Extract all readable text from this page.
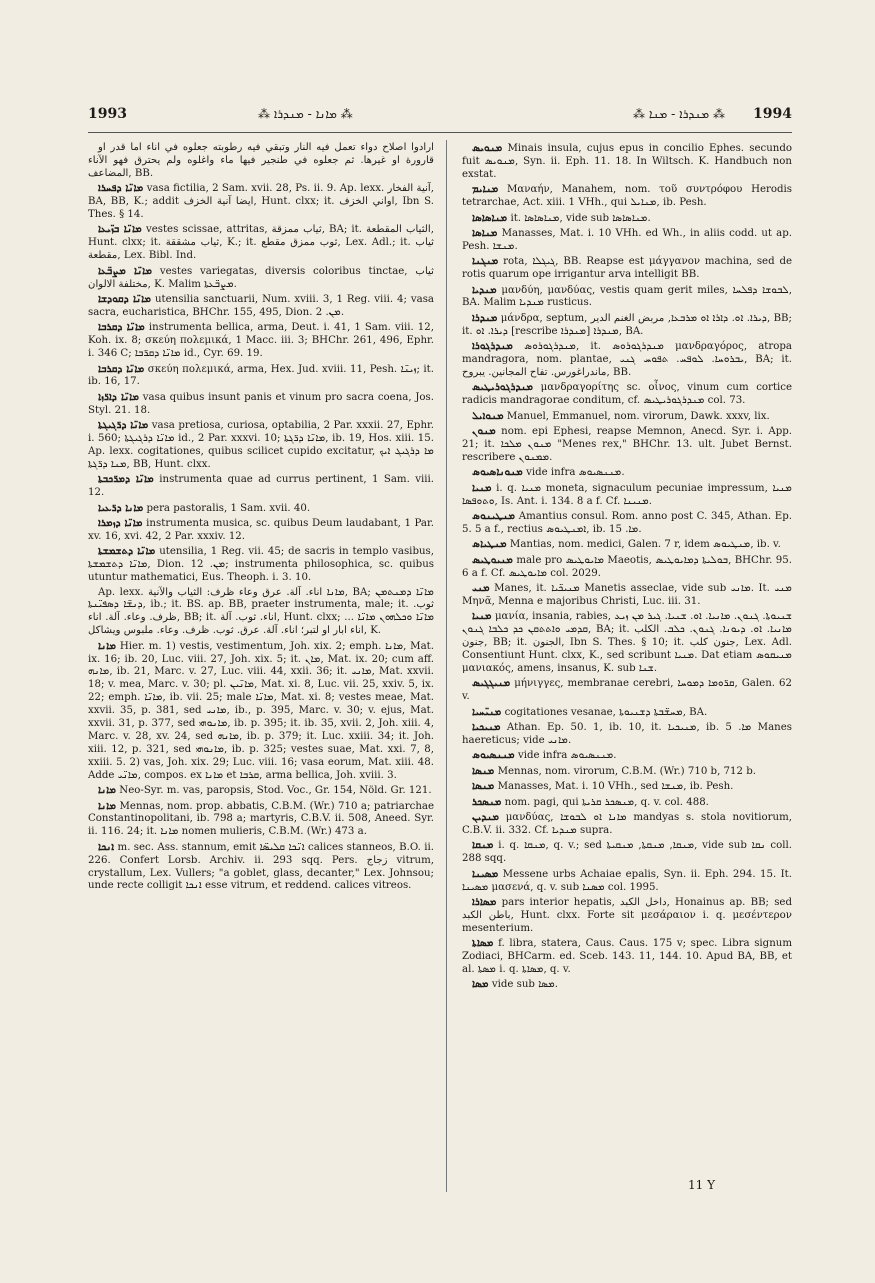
1993	⁂ ܡܐܢܐ - ܡܢܕܪܐ ⁂	⁂ ܡܢܕܪܐ - ܡܢܐ ⁂ 1994

ارادوا اصلاح دواء تعمل فيه النار وتبقي فيه رطوبته جعلوه في اناء اما قدر او قارورة او غيرها. ثم جعلوه في طنجير فيها ماء واغلوه ولم يحترق فهو الآناء المضاعف, BB.

ܡܐܢ̈ܐ ܕܦܚܪܐ vasa fictilia, 2 Sam. xvii. 28, Ps. ii. 9. Ap. lexx. آنية الفخار, BA, BB, K.; addit ايضا آنية الخزف, Hunt. clxx; it. اواني الخزف, Ibn S. Thes. § 14.

ܡܐܢ̈ܐ ܒܙ̈ܝܥܐ vestes scissae, attritas, ثياب ممزقة, BA; it. الثياب المقطعة, Hunt. clxx; it. ثياب مشققة, K.; it. ثوب ممزق مقطع, Lex. Adl.; it. ثياب مقطعة, Lex. Bibl. Ind.

ܡܐܢ̈ܐ ܡܨܒ̈ܥܐ vestes variegatas, diversis coloribus tinctae, ثياب مختلفة الالوان, K. Malim ܡܨܒ̈ܥܬܐ.

ܡܐܢ̈ܐ ܕܩܘܕܫܐ utensilia sanctuarii, Num. xviii. 3, 1 Reg. viii. 4; vasa sacra, eucharistica, BHChr. 155, 495, Dion. ܡܢ. 2.

ܡܐܢ̈ܐ ܕܩܪܒܐ instrumenta bellica, arma, Deut. i. 41, 1 Sam. viii. 12, Koh. ix. 8; σκεύη πολεμικά, 1 Macc. iii. 3; BHChr. 261, 496, Ephr. i. 346 C; ܡܐܢ̈ܐ ܕܩܪ̈ܒܐ id., Cyr. 69. 19.

ܡܐܢ̈ܐ ܕܩܪܒܐ σκεύη πολεμικά, arma, Hex. Jud. xviii. 11, Pesh. ܙܝܢ̈ܐ; it. ib. 16, 17.

ܡܐܢ̈ܐ ܕܐܪ̈ܙܐ vasa quibus insunt panis et vinum pro sacra coena, Jos. Styl. 21. 18.

ܡܐܢ̈ܐ ܕܪ̈ܓܝܓܬܐ vasa pretiosa, curiosa, optabilia, 2 Par. xxxii. 27, Ephr. i. 560; ܡܐܢ̈ܐ ܕܪܓܝܓܬܐ id., 2 Par. xxxvi. 10; ܡܐܢ̈ܐ ܕܪ̈ܓܬܐ, ib. 19, Hos. xiii. 15. Ap. lexx. cogitationes, quibus scilicet cupido excitatur, ܡܐ ܕܪܓܝܓ ܐܝܟ ܡܢܐ ܕܪ̈ܓܬܐ, BB, Hunt. clxx.

ܡܐܢ̈ܐ ܕܡܪ̈ܟܒܬܐ instrumenta quae ad currus pertinent, 1 Sam. viii. 12.

ܡܐܢܐ ܕܪ̈ܥܝܐ pera pastoralis, 1 Sam. xvii. 40.

ܡܐܢ̈ܐ ܕܙܡܪܐ instrumenta musica, sc. quibus Deum laudabant, 1 Par. xv. 16, xvi. 42, 2 Par. xxxiv. 12.

ܡܐܢ̈ܐ ܕܬܫܡܫܬܐ utensilia, 1 Reg. vii. 45; de sacris in templo vasibus, ܡܐܢ̈ܐ ܕܬܫܡܫܬܐ, Dion. ܡܢ. 12; instrumenta philosophica, sc. quibus utuntur mathematici, Eus. Theoph. i. 3. 10.

Ap. lexx. ܡܐܢܐ اناء. آلة. عرق وعاء ظرف: الثياب والآنية, BA; ܡܐܢ̈ܐ ܕܡܢܬܡܢ ܕܢܫ̈ܐ ܕܣܦܝ̈ܢܬܐ, ib.; it. BS. ap. BB, praeter instrumenta, male; it. ثوب. ظرف. وعاء. آلة. اناء, BB; it. اناء. ثوب. آلة, Hunt. clxx; ܡܐܢ̈ܐ ܘܟܠܗܘܢ ܡܐܢ̈ܐ ... اناء ابار او لتبر؛ اناء. آلة. عرق. ثوب. ظرف. وعاء. ملبوس ويشاكل, K.

ܡܐܢܐ Hier. m. 1) vestis, vestimentum, Joh. xix. 2; emph. ܡܐܢܐ, Mat. ix. 16; ib. 20, Luc. viii. 27, Joh. xix. 5; it. ܡܐܢ, Mat. ix. 20; cum aff. ܡܐܢܗ, ib. 21, Marc. v. 27, Luc. viii. 44, xxii. 36; it. ܡܐܢܝ, Mat. xxvii. 18; v. mea, Marc. v. 30; pl. ܡܐܢ̈ܝܢ, Mat. xi. 8, Luc. vii. 25, xxiv. 5, ix. 22; emph. ܡܐܢ̈ܐ, ib. vii. 25; male ܡܐܢ̈ܐ, Mat. xi. 8; vestes meae, Mat. xxvii. 35, p. 381, sed ܡܐܢܝ, ib., p. 395, Marc. v. 30; v. ejus, Mat. xxvii. 31, p. 377, sed ܡܐܢܘܗܝ, ib. p. 395; it. ib. 35, xvii. 2, Joh. xiii. 4, Marc. v. 28, xv. 24, sed ܡܐܢܗ, ib. p. 379; it. Luc. xxiii. 34; it. Joh. xiii. 12, p. 321, sed ܡܐܢܘܗܝ, ib. p. 325; vestes suae, Mat. xxi. 7, 8, xxiii. 5. 2) vas, Joh. xix. 29; Luc. viii. 16; vasa eorum, Mat. xiii. 48. Adde ܡܐܢ̈ܝ, compos. ex ܡܐܢܐ et ܩܪܒܐ, arma bellica, Joh. xviii. 3.

ܡܐܢܐ Neo-Syr. m. vas, paropsis, Stod. Voc., Gr. 154, Nöld. Gr. 121.

ܡܐܢܐ Mennas, nom. prop. abbatis, C.B.M. (Wr.) 710 a; patriarchae Constantinopolitani, ib. 798 a; martyris, C.B.V. ii. 508, Aneed. Syr. ii. 116. 24; it. ܡܐܢܐ nomen mulieris, C.B.M. (Wr.) 473 a.

ܐܢܟܐ m. sec. Ass. stannum, emit ܐܢ̈ܟܐ ܩܠܝܣ̈ܐ calices stanneos, B.O. ii. 226. Confert Lorsb. Archiv. ii. 293 sqq. Pers. زجاج vitrum, crystallum, Lex. Vullers; "a goblet, glass, decanter," Lex. Johnsou; unde recte colligit ܐܢܟܐ esse vitrum, et reddend. calices vitreos.

ܡܢܘܝܣ Minais insula, cujus epus in concilio Ephes. secundo fuit ܡܢܘܝܣ, Syn. ii. Eph. 11. 18. In Wiltsch. K. Handbuch non exstat.

ܡܢܐܝܡ Μαναήν, Manahem, nom. τοῦ συντρόφου Herodis tetrarchae, Act. xiii. 1 VHh., qui ܡܢܐܝܠ, ib. Pesh.

ܡܢܐܣܐܣܐ it. ܡܢܐܣܐܣܐ, vide sub ܡܢܐܣܐܣܐ.

ܡܢܐܣܐ Manasses, Mat. i. 10 VHh. ed Wh., in aliis codd. ut ap. Pesh. ܡܢܫܐ.

ܡܢܓܢܐ rota, ܓܝܓܠܐ, BB. Reapse est μάγγανον machina, sed de rotis quarum ope irrigantur arva intelligit BB.

ܡܢܕܝܐ μανδύη, μανδύας, vestis quam gerit miles, ܠܒܘܫܐ ܕܦܠܚܐ, BA. Malim ܡܢܕܝܐ rusticus.

ܡܢܕܪܐ μάνδρα, septum, ܕܝܪܐ. ܐܘ. ܕܐܪܐ ܐܘ ܡܪܒܥܐ, مربض الغنم الدير, BB; it. ܕܝܪܐ. ܐܘ [rescribe ܡܢܕܪܐ] ܡܢܕܪܐ, BA.

ܡܢܕܪܓܘܪܐ ܡܢܕܪܓܘܪܘܣ, it. ܡܢܕܪܓܘܪܘܣ μανδραγόρος, atropa mandragora, nom. plantae, ܝܒܪܘܚܐ. ܠܘܦܚ. ܬܦܘܚ ܓܢܝ, BA; it. ماندراغورس. تفاح المجانين. يبروح, BB.

ܡܢܕܪܓܘܪܝܛܝܣ μανδραγορίτης sc. οἶνος, vinum cum cortice radicis mandragorae conditum, cf. ܡܢܕܪܓܘܪܝܛܝܣ col. 73.

ܡܢܘܐܝܠ Manuel, Emmanuel, nom. virorum, Dawk. xxxv, lix.

ܡܢܘܢ nom. epi Ephesi, reapse Memnon, Anecd. Syr. i. App. 21; it. ܡܢܘܢ ܡܠܟܐ "Menes rex," BHChr. 13. ult. Jubet Bernst. rescribere ܡܡܢܘܢ.

ܡܢܘܢܐܣܝܘܣ vide infra ܡܢܢܣܝܘܣ.

ܡܢܝܐ i. q. ܡܢܝܐ moneta, signaculum pecuniae impressum, ܡܢܝܐ ܘܬܘܦܣܐ, Is. Ant. i. 134. 8 a f. Cf. ܡܢܝܢܐ.

ܡܢܛܝܢܘܣ Amantius consul. Rom. anno post C. 345, Athan. Ep. 5. 5 a f., rectius ܐܡܢܛܝܘܣ, ib. ܡܐ. 15.

ܡܢܛܝܐܣ Mantias, nom. medici, Galen. 7 r, idem ܡܢܛܝܘܣ, ib. v.

ܡܢܝܘܛܝܣ male pro ܡܐܝܘܛܝܣ Maeotis, ܒܘܠܝܬܐ ܕܡܐܝܘܛܝܣ, BHChr. 95. 6 a f. Cf. ܡܐܝܘܛܝܣ col. 2029.

ܡܢܝ Manes, it. ܡܢܝܟ̈ܝܐ Manetis asseclae, vide sub ܡܐܢܝ. It. ܡܢܝ Μηνᾶ, Menna e majoribus Christi, Luc. iii. 31.

ܡܢܝܐ μανία, insania, rabies, ܫܢܝܘܬܐ. ܓܢܘܢ. ܡܐܢܝܐ. ܐܘ. ܫܢܝܐ. ܓܝܪ ܡܢ ܙܝܥ ܩܕܡܝ ܘܐܬܬܩܢ ܟܕ ܟܠܒܐ ܓܢܘܢ, BA; it. ܡܐܢܝܐ. ܐܘ. ܕܝܘܢܐ. ܓܢܘܢ. ܟܠܒ. الكلب جنون, BB; it. الجنون, Ibn S. Thes. § 10; it. جنون كلب, Lex. Adl. Consentiunt Hunt. clxx, K., sed scribunt ܡܢܝܐ. Dat etiam ܡܢܝܩܘܣ μανιακός, amens, insanus, K. sub ܫܢܐ.

ܡܢܝܓܓܝܣ μήνιγγες, membranae cerebri, ܩܪ̈ܘܡܐ ܕܡܘܚܐ, Galen. 62 v.

ܡܢܝ̈ܚܝܐ cogitationes vesanae, ܡܚܫ̈ܒܬܐ ܕܫܢܝܘܬܐ, BA.

ܡܢܝܟܝܐ Athan. Ep. 50. 1, ib. 10, it. ܡܢܝܟܝܐ, ib. ܡܐ. 5 Manes haereticus; vide ܡܐܢܝ.

ܡܢܢܣܝܘܣ vide infra ܡܢܢܣܝܘܣ.

ܡܢܣܐ Mennas, nom. virorum, C.B.M. (Wr.) 710 b, 712 b.

ܡܢܣܐ Manasses, Mat. i. 10 VHh., sed ܡܢܫܐ, ib. Pesh.

ܡܢܣܟܪ nom. pagi, qui ܡܢܣܟܪ ܩܪܝܬܐ, q. v. col. 488.

ܡܢܕܝܢ μανδύας, ܡܐܢܐ ܐܘ ܠܒܘܫܐ mandyas s. stola novitiorum, C.B.V. ii. 332. Cf. ܡܢܕܝܐ supra.

ܡܢܩܐ i. q. ܡܢܩܐ, q. v.; sed ܡܢܩܐ, ܡܢܩܬܐ, ܡܢܩܝܬܐ, vide sub ܢܩܐ coll. 288 sqq.

ܡܣܝܢܐ Messene urbs Achaiae epalis, Syn. ii. Eph. 294. 15. It. ܡܣܝܢܐ μασενά, q. v. sub ܡܣܢܐ col. 1995.

ܡܣܐܪܐ pars interior hepatis, داخل الكبد, Honainus ap. BB; sed باطن الكبد, Hunt. clxx. Forte sit μεσάραιον i. q. μεσέντερον mesenterium.

ܡܣܐܬܐ f. libra, statera, Caus. Caus. 175 v; spec. Libra signum Zodiaci, BHCarm. ed. Sceb. 143. 11, 144. 10. Apud BA, BB, et al. ܡܣܬܐ i. q. ܡܣܐܬܐ, q. v.

ܡܣܐ vide sub ܡܣܐ.

11 Y
